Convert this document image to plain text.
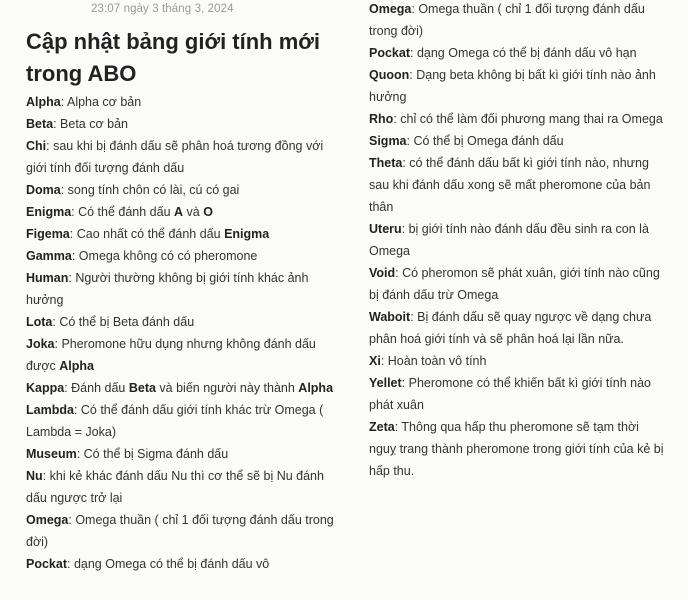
23:07 ngày 3 tháng 3, 2024
Cập nhật bảng giới tính mới trong ABO
Alpha: Alpha cơ bản
Beta: Beta cơ bản
Chi: sau khi bị đánh dấu sẽ phân hoá tương đồng với giới tính đối tượng đánh dấu
Doma: song tính chôn có lài, cú có gai
Enigma: Có thể đánh dấu A và O
Figema: Cao nhất có thể đánh dấu Enigma
Gamma: Omega không có có pheromone
Human: Người thường không bị giới tính khác ảnh hưởng
Lota: Có thể bị Beta đánh dấu
Joka: Pheromone hữu dụng nhưng không đánh dấu được Alpha
Kappa: Đánh dấu Beta và biến người này thành Alpha
Lambda: Có thể đánh dấu giới tính khác trừ Omega ( Lambda = Joka)
Museum: Có thể bị Sigma đánh dấu
Nu: khi kẻ khác đánh dấu Nu thì cơ thể sẽ bị Nu đánh dấu ngược trở lại
Omega: Omega thuần ( chỉ 1 đối tượng đánh dấu trong đời)
Pockat: dạng Omega có thể bị đánh dấu vô
Omega: Omega thuần ( chỉ 1 đối tượng đánh dấu trong đời)
Pockat: dạng Omega có thể bị đánh dấu vô hạn
Quoon: Dạng beta không bị bất kì giới tính nào ảnh hưởng
Rho: chỉ có thể làm đối phương mang thai ra Omega
Sigma: Có thể bị Omega đánh dấu
Theta: có thể đánh dấu bất kì giới tính nào, nhưng sau khi đánh dấu xong sẽ mất pheromone của bản thân
Uteru: bị giới tính nào đánh dấu đều sinh ra con là Omega
Void: Có pheromon sẽ phát xuân, giới tính nào cũng bị đánh dấu trừ Omega
Waboit: Bị đánh dấu sẽ quay ngược về dạng chưa phân hoá giới tính và sẽ phân hoá lại lần nữa.
Xi: Hoàn toàn vô tính
Yellet: Pheromone có thể khiến bất kì giới tính nào phát xuân
Zeta: Thông qua hấp thu pheromone sẽ tạm thời nguỵ trang thành pheromone trong giới tính của kẻ bị hấp thu.
